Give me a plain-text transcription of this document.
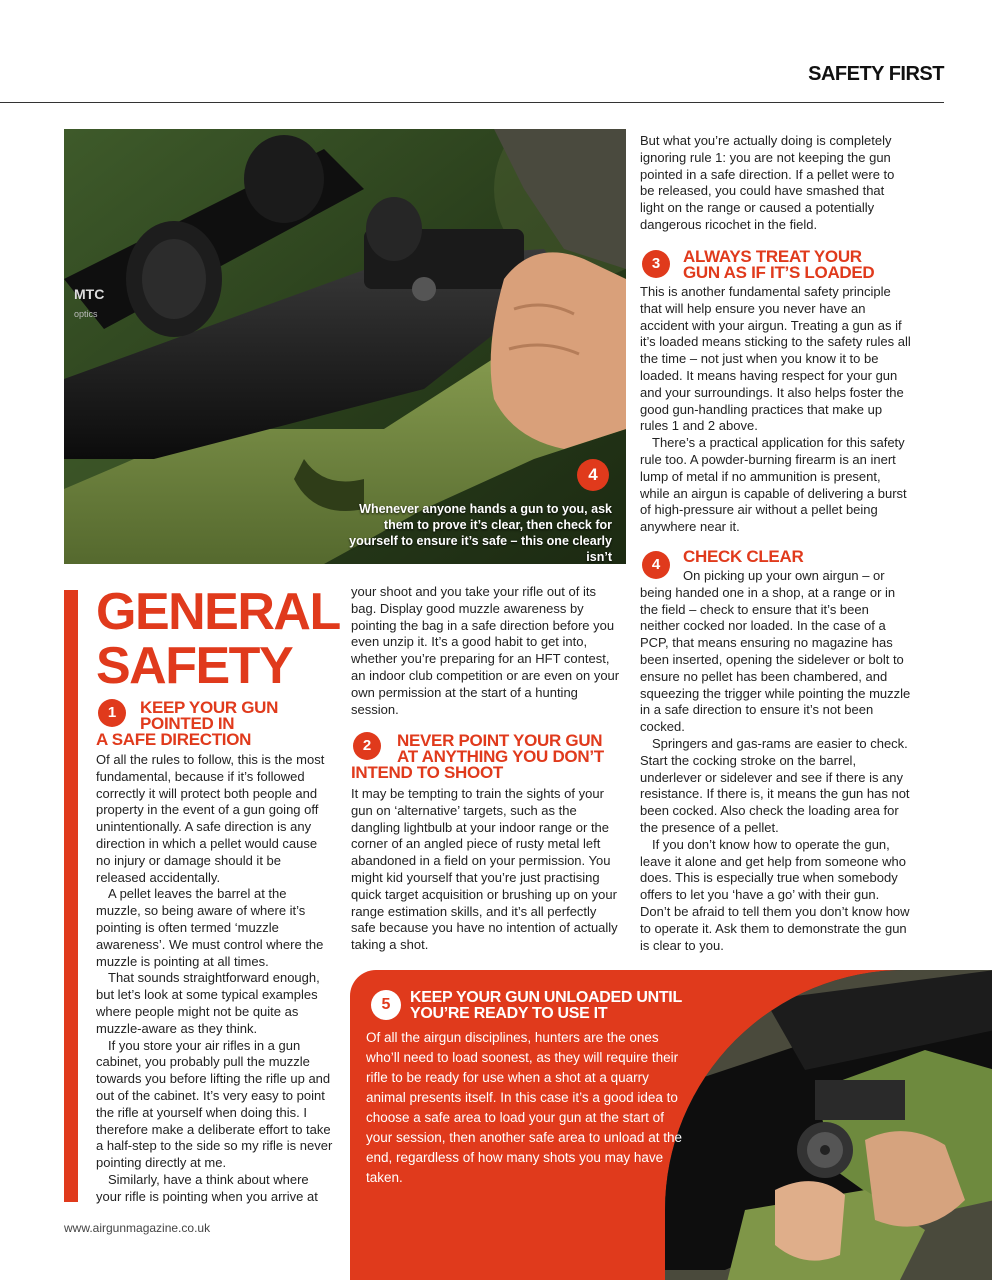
SAFETY FIRST
MTC
optics
4
Whenever anyone hands a gun to you, ask them to prove it’s clear, then check for yourself to ensure it’s safe – this one clearly isn’t
GENERAL
SAFETY
1	KEEP YOUR GUN
POINTED IN
A SAFE DIRECTION

Of all the rules to follow, this is the most fundamental, because if it’s followed correctly it will protect both people and property in the event of a gun going off unintentionally. A safe direction is any direction in which a pellet would cause no injury or damage should it be released accidentally.

A pellet leaves the barrel at the muzzle, so being aware of where it’s pointing is often termed ‘muzzle awareness’. We must control where the muzzle is pointing at all times.

That sounds straightforward enough, but let’s look at some typical examples where people might not be quite as muzzle-aware as they think.

If you store your air rifles in a gun cabinet, you probably pull the muzzle towards you before lifting the rifle up and out of the cabinet. It’s very easy to point the rifle at yourself when doing this. I therefore make a deliberate effort to take a half-step to the side so my rifle is never pointing directly at me.

Similarly, have a think about where your rifle is pointing when you arrive at

your shoot and you take your rifle out of its bag. Display good muzzle awareness by pointing the bag in a safe direction before you even unzip it. It’s a good habit to get into, whether you’re preparing for an HFT contest, an indoor club competition or are even on your own permission at the start of a hunting session.

2	NEVER POINT YOUR GUN
AT ANYTHING YOU DON’T
INTEND TO SHOOT

It may be tempting to train the sights of your gun on ‘alternative’ targets, such as the dangling lightbulb at your indoor range or the corner of an angled piece of rusty metal left abandoned in a field on your permission. You might kid yourself that you’re just practising quick target acquisition or brushing up on your range estimation skills, and it’s all perfectly safe because you have no intention of actually taking a shot.

But what you’re actually doing is completely ignoring rule 1: you are not keeping the gun pointed in a safe direction. If a pellet were to be released, you could have smashed that light on the range or caused a potentially dangerous ricochet in the field.

3	ALWAYS TREAT YOUR
GUN AS IF IT’S LOADED

This is another fundamental safety principle that will help ensure you never have an accident with your airgun. Treating a gun as if it’s loaded means sticking to the safety rules all the time – not just when you know it to be loaded. It means having respect for your gun and your surroundings. It also helps foster the good gun-handling practices that make up rules 1 and 2 above.

There’s a practical application for this safety rule too. A powder-burning firearm is an inert lump of metal if no ammunition is present, while an airgun is capable of delivering a burst of high-pressure air without a pellet being anywhere near it.

4	CHECK CLEAR

On picking up your own airgun – or being handed one in a shop, at a range or in the field – check to ensure that it’s been neither cocked nor loaded. In the case of a PCP, that means ensuring no magazine has been inserted, opening the sidelever or bolt to ensure no pellet has been chambered, and squeezing the trigger while pointing the muzzle in a safe direction to ensure it’s not been cocked.

Springers and gas-rams are easier to check. Start the cocking stroke on the barrel, underlever or sidelever and see if there is any resistance. If there is, it means the gun has not been cocked. Also check the loading area for the presence of a pellet.

If you don’t know how to operate the gun, leave it alone and get help from someone who does. This is especially true when somebody offers to let you ‘have a go’ with their gun. Don’t be afraid to tell them you don’t know how to operate it. Ask them to demonstrate the gun is clear to you.

5	KEEP YOUR GUN UNLOADED UNTIL
YOU’RE READY TO USE IT
Of all the airgun disciplines, hunters are the ones who’ll need to load soonest, as they will require their rifle to be ready for use when a shot at a quarry animal presents itself. In this case it’s a good idea to choose a safe area to load your gun at the start of your session, then another safe area to unload at the end, regardless of how many shots you may have taken.
www.airgunmagazine.co.uk
